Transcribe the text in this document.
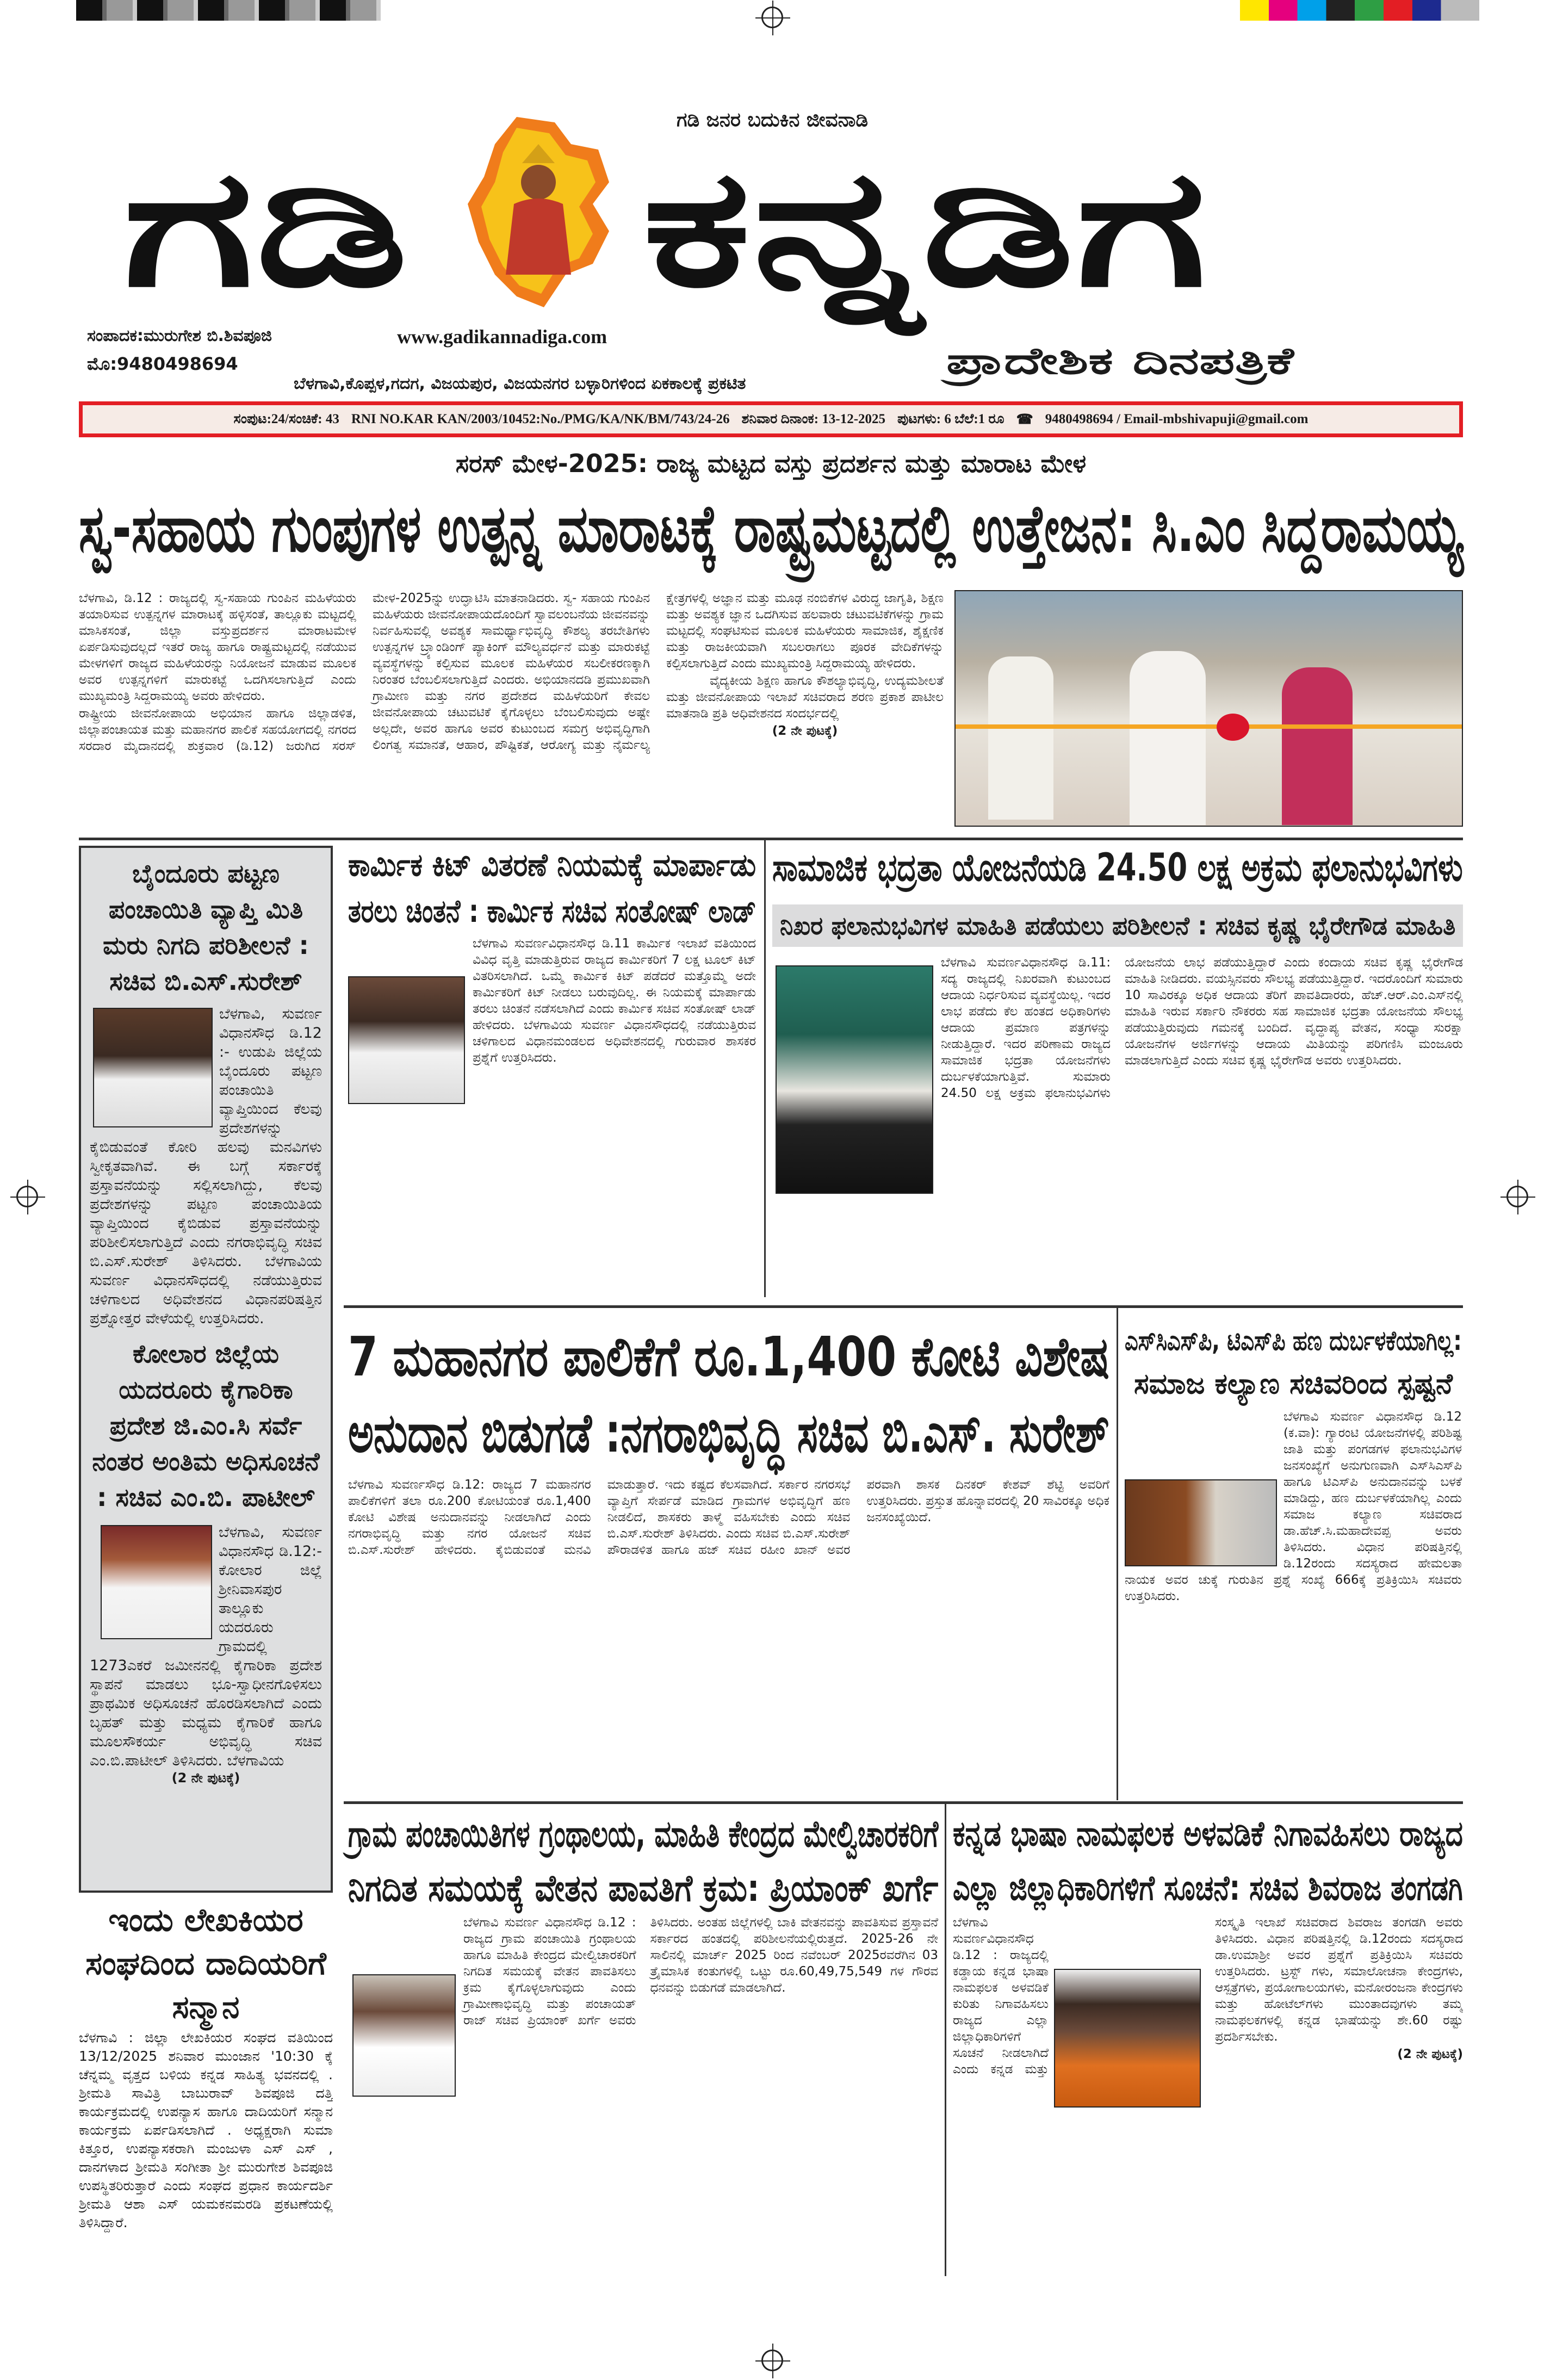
ಗಡಿ ಜನರ ಬದುಕಿನ ಜೀವನಾಡಿ
ಗಡಿ ಕನ್ನಡಿಗ
ಸಂಪಾದಕ:ಮುರುಗೇಶ ಬಿ.ಶಿವಪೂಜಿ
ಮೊ:9480498694
www.gadikannadiga.com
ಬೆಳಗಾವಿ,ಕೊಪ್ಪಳ,ಗದಗ, ವಿಜಯಪುರ, ವಿಜಯನಗರ ಬಳ್ಳಾರಿಗಳಿಂದ ಏಕಕಾಲಕ್ಕೆ ಪ್ರಕಟಿತ
ಪ್ರಾದೇಶಿಕ ದಿನಪತ್ರಿಕೆ
ಸಂಪುಟ:24/ಸಂಚಿಕೆ: 43 RNI NO.KAR KAN/2003/10452:No./PMG/KA/NK/BM/743/24-26 ಶನಿವಾರ ದಿನಾಂಕ: 13-12-2025 ಪುಟಗಳು: 6 ಬೆಲೆ:1 ರೂ ☎ 9480498694 / Email-mbshivapuji@gmail.com
ಸರಸ್ ಮೇಳ-2025: ರಾಜ್ಯ ಮಟ್ಟದ ವಸ್ತು ಪ್ರದರ್ಶನ ಮತ್ತು ಮಾರಾಟ ಮೇಳ
ಸ್ವ-ಸಹಾಯ ಗುಂಪುಗಳ ಉತ್ಪನ್ನ ಮಾರಾಟಕ್ಕೆ ರಾಷ್ಟ್ರಮಟ್ಟದಲ್ಲಿ ಉತ್ತೇಜನ: ಸಿ.ಎಂ ಸಿದ್ದರಾಮಯ್ಯ

ಬೆಳಗಾವಿ, ಡಿ.12 : ರಾಜ್ಯದಲ್ಲಿ ಸ್ವ-ಸಹಾಯ ಗುಂಪಿನ ಮಹಿಳೆಯರು ತಯಾರಿಸುವ ಉತ್ಪನ್ನಗಳ ಮಾರಾಟಕ್ಕೆ ಹಳ್ಳಿಸಂತೆ, ತಾಲ್ಲೂಕು ಮಟ್ಟದಲ್ಲಿ ಮಾಸಿಕಸಂತೆ, ಜಿಲ್ಲಾ ವಸ್ತುಪ್ರದರ್ಶನ ಮಾರಾಟಮೇಳ ಏರ್ಪಡಿಸುವುದಲ್ಲದೆ ಇತರೆ ರಾಜ್ಯ ಹಾಗೂ ರಾಷ್ಟ್ರಮಟ್ಟದಲ್ಲಿ ನಡೆಯುವ ಮೇಳಗಳಿಗೆ ರಾಜ್ಯದ ಮಹಿಳೆಯರನ್ನು ನಿಯೋಜನೆ ಮಾಡುವ ಮೂಲಕ ಅವರ ಉತ್ಪನ್ನಗಳಿಗೆ ಮಾರುಕಟ್ಟೆ ಒದಗಿಸಲಾಗುತ್ತಿದೆ ಎಂದು ಮುಖ್ಯಮಂತ್ರಿ ಸಿದ್ದರಾಮಯ್ಯ ಅವರು ಹೇಳಿದರು.

ರಾಷ್ಟ್ರೀಯ ಜೀವನೋಪಾಯ ಅಭಿಯಾನ ಹಾಗೂ ಜಿಲ್ಲಾಡಳಿತ, ಜಿಲ್ಲಾಪಂಚಾಯತ ಮತ್ತು ಮಹಾನಗರ ಪಾಲಿಕೆ ಸಹಯೋಗದಲ್ಲಿ ನಗರದ ಸರದಾರ ಮೈದಾನದಲ್ಲಿ ಶುಕ್ರವಾರ (ಡಿ.12) ಜರುಗಿದ ಸರಸ್ ಮೇಳ-2025ನ್ನು ಉದ್ಘಾಟಿಸಿ ಮಾತನಾಡಿದರು. ಸ್ವ- ಸಹಾಯ ಗುಂಪಿನ ಮಹಿಳೆಯರು ಜೀವನೋಪಾಯದೊಂದಿಗೆ ಸ್ವಾವಲಂಬನೆಯ ಜೀವನವನ್ನು ನಿರ್ವಹಿಸುವಲ್ಲಿ ಅವಶ್ಯಕ ಸಾಮರ್ಥ್ಯಾಭಿವೃದ್ಧಿ ಕೌಶಲ್ಯ ತರಬೇತಿಗಳು ಉತ್ಪನ್ನಗಳ ಬ್ರ್ಯಾಂಡಿಂಗ್ ಪ್ಯಾಕಿಂಗ್ ಮೌಲ್ಯವರ್ಧನೆ ಮತ್ತು ಮಾರುಕಟ್ಟೆ ವ್ಯವಸ್ಥೆಗಳನ್ನು ಕಲ್ಪಿಸುವ ಮೂಲಕ ಮಹಿಳೆಯರ ಸಬಲೀಕರಣಕ್ಕಾಗಿ ನಿರಂತರ ಬೆಂಬಲಿಸಲಾಗುತ್ತಿದೆ ಎಂದರು. ಅಭಿಯಾನದಡಿ ಪ್ರಮುಖವಾಗಿ ಗ್ರಾಮೀಣ ಮತ್ತು ನಗರ ಪ್ರದೇಶದ ಮಹಿಳೆಯರಿಗೆ ಕೇವಲ ಜೀವನೋಪಾಯ ಚಟುವಟಿಕೆ ಕೈಗೊಳ್ಳಲು ಬೆಂಬಲಿಸುವುದು ಅಷ್ಟೇ ಅಲ್ಲದೇ, ಅವರ ಹಾಗೂ ಅವರ ಕುಟುಂಬದ ಸಮಗ್ರ ಅಭಿವೃದ್ಧಿಗಾಗಿ ಲಿಂಗತ್ವ ಸಮಾನತೆ, ಆಹಾರ, ಪೌಷ್ಟಿಕತೆ, ಆರೋಗ್ಯ ಮತ್ತು ನೈರ್ಮಲ್ಯ ಕ್ಷೇತ್ರಗಳಲ್ಲಿ ಅಜ್ಞಾನ ಮತ್ತು ಮೂಢ ನಂಬಿಕೆಗಳ ವಿರುದ್ಧ ಜಾಗೃತಿ, ಶಿಕ್ಷಣ ಮತ್ತು ಅವಶ್ಯಕ ಜ್ಞಾನ ಒದಗಿಸುವ ಹಲವಾರು ಚಟುವಟಿಕೆಗಳನ್ನು ಗ್ರಾಮ ಮಟ್ಟದಲ್ಲಿ ಸಂಘಟಿಸುವ ಮೂಲಕ ಮಹಿಳೆಯರು ಸಾಮಾಜಿಕ, ಶೈಕ್ಷಣಿಕ ಮತ್ತು ರಾಜಕೀಯವಾಗಿ ಸಬಲರಾಗಲು ಪೂರಕ ವೇದಿಕೆಗಳನ್ನು ಕಲ್ಪಿಸಲಾಗುತ್ತಿದೆ ಎಂದು ಮುಖ್ಯಮಂತ್ರಿ ಸಿದ್ದರಾಮಯ್ಯ ಹೇಳಿದರು.

ವೈದ್ಯಕೀಯ ಶಿಕ್ಷಣ ಹಾಗೂ ಕೌಶಲ್ಯಾಭಿವೃದ್ಧಿ, ಉದ್ಯಮಶೀಲತೆ ಮತ್ತು ಜೀವನೋಪಾಯ ಇಲಾಖೆ ಸಚಿವರಾದ ಶರಣ ಪ್ರಕಾಶ ಪಾಟೀಲ ಮಾತನಾಡಿ ಪ್ರತಿ ಅಧಿವೇಶನದ ಸಂದರ್ಭದಲ್ಲಿ

(2 ನೇ ಪುಟಕ್ಕೆ)

ಬೈಂದೂರು ಪಟ್ಟಣ ಪಂಚಾಯಿತಿ ವ್ಯಾಪ್ತಿ ಮಿತಿ ಮರು ನಿಗದಿ ಪರಿಶೀಲನೆ : ಸಚಿವ ಬಿ.ಎಸ್.ಸುರೇಶ್

ಬೆಳಗಾವಿ, ಸುವರ್ಣ ವಿಧಾನಸೌಧ ಡಿ.12 :- ಉಡುಪಿ ಜಿಲ್ಲೆಯ ಬೈಂದೂರು ಪಟ್ಟಣ ಪಂಚಾಯಿತಿ ವ್ಯಾಪ್ತಿಯಿಂದ ಕೆಲವು ಪ್ರದೇಶಗಳನ್ನು ಕೈಬಿಡುವಂತೆ ಕೋರಿ ಹಲವು ಮನವಿಗಳು ಸ್ವೀಕೃತವಾಗಿವೆ. ಈ ಬಗ್ಗೆ ಸರ್ಕಾರಕ್ಕೆ ಪ್ರಸ್ತಾವನೆಯನ್ನು ಸಲ್ಲಿಸಲಾಗಿದ್ದು, ಕೆಲವು ಪ್ರದೇಶಗಳನ್ನು ಪಟ್ಟಣ ಪಂಚಾಯಿತಿಯ ವ್ಯಾಪ್ತಿಯಿಂದ ಕೈಬಿಡುವ ಪ್ರಸ್ತಾವನೆಯನ್ನು ಪರಿಶೀಲಿಸಲಾಗುತ್ತಿದೆ ಎಂದು ನಗರಾಭಿವೃದ್ಧಿ ಸಚಿವ ಬಿ.ಎಸ್.ಸುರೇಶ್ ತಿಳಿಸಿದರು. ಬೆಳಗಾವಿಯ ಸುವರ್ಣ ವಿಧಾನಸೌಧದಲ್ಲಿ ನಡೆಯುತ್ತಿರುವ ಚಳಿಗಾಲದ ಅಧಿವೇಶನದ ವಿಧಾನಪರಿಷತ್ತಿನ ಪ್ರಶ್ನೋತ್ತರ ವೇಳೆಯಲ್ಲಿ ಉತ್ತರಿಸಿದರು.

ಕೋಲಾರ ಜಿಲ್ಲೆಯ ಯದರೂರು ಕೈಗಾರಿಕಾ ಪ್ರದೇಶ ಜಿ.ಎಂ.ಸಿ ಸರ್ವೆ ನಂತರ ಅಂತಿಮ ಅಧಿಸೂಚನೆ : ಸಚಿವ ಎಂ.ಬಿ. ಪಾಟೀಲ್

ಬೆಳಗಾವಿ, ಸುವರ್ಣ ವಿಧಾನಸೌಧ ಡಿ.12:- ಕೋಲಾರ ಜಿಲ್ಲೆ ಶ್ರೀನಿವಾಸಪುರ ತಾಲ್ಲೂಕು ಯದರೂರು ಗ್ರಾಮದಲ್ಲಿ 1273ಎಕರೆ ಜಮೀನನಲ್ಲಿ ಕೈಗಾರಿಕಾ ಪ್ರದೇಶ ಸ್ಥಾಪನೆ ಮಾಡಲು ಭೂ-ಸ್ವಾಧೀನಗೊಳಿಸಲು ಪ್ರಾಥಮಿಕ ಅಧಿಸೂಚನೆ ಹೊರಡಿಸಲಾಗಿದೆ ಎಂದು ಬೃಹತ್ ಮತ್ತು ಮಧ್ಯಮ ಕೈಗಾರಿಕೆ ಹಾಗೂ ಮೂಲಸೌಕರ್ಯ ಅಭಿವೃದ್ಧಿ ಸಚಿವ ಎಂ.ಬಿ.ಪಾಟೀಲ್ ತಿಳಿಸಿದರು. ಬೆಳಗಾವಿಯ

(2 ನೇ ಪುಟಕ್ಕೆ)

ಕಾರ್ಮಿಕ ಕಿಟ್ ವಿತರಣೆ ನಿಯಮಕ್ಕೆ ಮಾರ್ಪಾಡು
ತರಲು ಚಿಂತನೆ : ಕಾರ್ಮಿಕ ಸಚಿವ ಸಂತೋಷ್ ಲಾಡ್

ಬೆಳಗಾವಿ ಸುವರ್ಣವಿಧಾನಸೌಧ ಡಿ.11 ಕಾರ್ಮಿಕ ಇಲಾಖೆ ವತಿಯಿಂದ ವಿವಿಧ ವೃತ್ತಿ ಮಾಡುತ್ತಿರುವ ರಾಜ್ಯದ ಕಾರ್ಮಿಕರಿಗೆ 7 ಲಕ್ಷ ಟೂಲ್ ಕಿಟ್ ವಿತರಿಸಲಾಗಿದೆ. ಒಮ್ಮೆ ಕಾರ್ಮಿಕ ಕಿಟ್ ಪಡೆದರೆ ಮತ್ತೊಮ್ಮೆ ಅದೇ ಕಾರ್ಮಿಕರಿಗೆ ಕಿಟ್ ನೀಡಲು ಬರುವುದಿಲ್ಲ. ಈ ನಿಯಮಕ್ಕೆ ಮಾರ್ಪಾಡು ತರಲು ಚಿಂತನೆ ನಡೆಸಲಾಗಿದೆ ಎಂದು ಕಾರ್ಮಿಕ ಸಚಿವ ಸಂತೋಷ್ ಲಾಡ್ ಹೇಳಿದರು. ಬೆಳಗಾವಿಯ ಸುವರ್ಣ ವಿಧಾನಸೌಧದಲ್ಲಿ ನಡೆಯುತ್ತಿರುವ ಚಳಿಗಾಲದ ವಿಧಾನಮಂಡಲದ ಅಧಿವೇಶನದಲ್ಲಿ ಗುರುವಾರ ಶಾಸಕರ ಪ್ರಶ್ನೆಗೆ ಉತ್ತರಿಸಿದರು.

ಸಾಮಾಜಿಕ ಭದ್ರತಾ ಯೋಜನೆಯಡಿ 24.50 ಲಕ್ಷ ಅಕ್ರಮ ಫಲಾನುಭವಿಗಳು
ನಿಖರ ಫಲಾನುಭವಿಗಳ ಮಾಹಿತಿ ಪಡೆಯಲು ಪರಿಶೀಲನೆ : ಸಚಿವ ಕೃಷ್ಣ ಭೈರೇಗೌಡ ಮಾಹಿತಿ

ಬೆಳಗಾವಿ ಸುವರ್ಣವಿಧಾನಸೌಧ ಡಿ.11: ಸದ್ಯ ರಾಜ್ಯದಲ್ಲಿ ನಿಖರವಾಗಿ ಕುಟುಂಬದ ಆದಾಯ ನಿರ್ಧರಿಸುವ ವ್ಯವಸ್ಥೆಯಿಲ್ಲ. ಇದರ ಲಾಭ ಪಡೆದು ಕೆಲ ಹಂತದ ಅಧಿಕಾರಿಗಳು ಆದಾಯ ಪ್ರಮಾಣ ಪತ್ರಗಳನ್ನು ನೀಡುತ್ತಿದ್ದಾರೆ. ಇದರ ಪರಿಣಾಮ ರಾಜ್ಯದ ಸಾಮಾಜಿಕ ಭದ್ರತಾ ಯೋಜನೆಗಳು ದುರ್ಬಳಕೆಯಾಗುತ್ತಿವೆ. ಸುಮಾರು 24.50 ಲಕ್ಷ ಅಕ್ರಮ ಫಲಾನುಭವಿಗಳು ಯೋಜನೆಯ ಲಾಭ ಪಡೆಯುತ್ತಿದ್ದಾರೆ ಎಂದು ಕಂದಾಯ ಸಚಿವ ಕೃಷ್ಣ ಭೈರೇಗೌಡ ಮಾಹಿತಿ ನೀಡಿದರು. ವಯಸ್ಸಿನವರು ಸೌಲಭ್ಯ ಪಡೆಯುತ್ತಿದ್ದಾರೆ. ಇದರೊಂದಿಗೆ ಸುಮಾರು 10 ಸಾವಿರಕ್ಕೂ ಅಧಿಕ ಆದಾಯ ತೆರಿಗೆ ಪಾವತಿದಾರರು, ಹೆಚ್.ಆರ್.ಎಂ.ಎಸ್‌ನಲ್ಲಿ ಮಾಹಿತಿ ಇರುವ ಸರ್ಕಾರಿ ನೌಕರರು ಸಹ ಸಾಮಾಜಿಕ ಭದ್ರತಾ ಯೋಜನೆಯ ಸೌಲಭ್ಯ ಪಡೆಯುತ್ತಿರುವುದು ಗಮನಕ್ಕೆ ಬಂದಿದೆ. ವೃದ್ಧಾಪ್ಯ ವೇತನ, ಸಂಧ್ಯಾ ಸುರಕ್ಷಾ ಯೋಜನೆಗಳ ಅರ್ಜಿಗಳನ್ನು ಆದಾಯ ಮಿತಿಯನ್ನು ಪರಿಗಣಿಸಿ ಮಂಜೂರು ಮಾಡಲಾಗುತ್ತಿದೆ ಎಂದು ಸಚಿವ ಕೃಷ್ಣ ಭೈರೇಗೌಡ ಅವರು ಉತ್ತರಿಸಿದರು.

7 ಮಹಾನಗರ ಪಾಲಿಕೆಗೆ ರೂ.1,400 ಕೋಟಿ ವಿಶೇಷ
ಅನುದಾನ ಬಿಡುಗಡೆ :ನಗರಾಭಿವೃದ್ಧಿ ಸಚಿವ ಬಿ.ಎಸ್. ಸುರೇಶ್

ಬೆಳಗಾವಿ ಸುವರ್ಣಸೌಧ ಡಿ.12: ರಾಜ್ಯದ 7 ಮಹಾನಗರ ಪಾಲಿಕೆಗಳಿಗೆ ತಲಾ ರೂ.200 ಕೋಟಿಯಂತೆ ರೂ.1,400 ಕೋಟಿ ವಿಶೇಷ ಅನುದಾನವನ್ನು ನೀಡಲಾಗಿದೆ ಎಂದು ನಗರಾಭಿವೃದ್ಧಿ ಮತ್ತು ನಗರ ಯೋಜನೆ ಸಚಿವ ಬಿ.ಎಸ್.ಸುರೇಶ್ ಹೇಳಿದರು. ಕೈಬಿಡುವಂತೆ ಮನವಿ ಮಾಡುತ್ತಾರೆ. ಇದು ಕಷ್ಟದ ಕೆಲಸವಾಗಿದೆ. ಸರ್ಕಾರ ನಗರಸಭೆ ವ್ಯಾಪ್ತಿಗೆ ಸೇರ್ಪಡೆ ಮಾಡಿದ ಗ್ರಾಮಗಳ ಅಭಿವೃದ್ಧಿಗೆ ಹಣ ನೀಡಲಿದೆ, ಶಾಸಕರು ತಾಳ್ಮೆ ವಹಿಸಬೇಕು ಎಂದು ಸಚಿವ ಬಿ.ಎಸ್.ಸುರೇಶ್ ತಿಳಿಸಿದರು. ಎಂದು ಸಚಿವ ಬಿ.ಎಸ್.ಸುರೇಶ್ ಪೌರಾಡಳಿತ ಹಾಗೂ ಹಜ್ ಸಚಿವ ರಹೀಂ ಖಾನ್ ಅವರ ಪರವಾಗಿ ಶಾಸಕ ದಿನಕರ್ ಕೇಶವ್ ಶೆಟ್ಟಿ ಅವರಿಗೆ ಉತ್ತರಿಸಿದರು. ಪ್ರಸ್ತುತ ಹೊನ್ನಾವರದಲ್ಲಿ 20 ಸಾವಿರಕ್ಕೂ ಅಧಿಕ ಜನಸಂಖ್ಯೆಯಿದೆ.

ಎಸ್‌ಸಿಎಸ್‌ಪಿ, ಟಿಎಸ್‌ಪಿ ಹಣ ದುರ್ಬಳಕೆಯಾಗಿಲ್ಲ:
ಸಮಾಜ ಕಲ್ಯಾಣ ಸಚಿವರಿಂದ ಸ್ಪಷ್ಟನೆ

ಬೆಳಗಾವಿ ಸುವರ್ಣ ವಿಧಾನಸೌಧ ಡಿ.12 (ಕ.ವಾ): ಗ್ಯಾರಂಟಿ ಯೋಜನೆಗಳಲ್ಲಿ ಪರಿಶಿಷ್ಟ ಜಾತಿ ಮತ್ತು ಪಂಗಡಗಳ ಫಲಾನುಭವಿಗಳ ಜನಸಂಖ್ಯೆಗೆ ಅನುಗುಣವಾಗಿ ಎಸ್‌ಸಿಎಸ್‌ಪಿ ಹಾಗೂ ಟಿಎಸ್‌ಪಿ ಅನುದಾನವನ್ನು ಬಳಕೆ ಮಾಡಿದ್ದು, ಹಣ ದುರ್ಬಳಕೆಯಾಗಿಲ್ಲ ಎಂದು ಸಮಾಜ ಕಲ್ಯಾಣ ಸಚಿವರಾದ ಡಾ.ಹೆಚ್.ಸಿ.ಮಹಾದೇವಪ್ಪ ಅವರು ತಿಳಿಸಿದರು. ವಿಧಾನ ಪರಿಷತ್ತಿನಲ್ಲಿ ಡಿ.12ರಂದು ಸದಸ್ಯರಾದ ಹೇಮಲತಾ ನಾಯಕ ಅವರ ಚುಕ್ಕೆ ಗುರುತಿನ ಪ್ರಶ್ನೆ ಸಂಖ್ಯೆ 666ಕ್ಕೆ ಪ್ರತಿಕ್ರಿಯಿಸಿ ಸಚಿವರು ಉತ್ತರಿಸಿದರು.

ಗ್ರಾಮ ಪಂಚಾಯಿತಿಗಳ ಗ್ರಂಥಾಲಯ, ಮಾಹಿತಿ ಕೇಂದ್ರದ ಮೇಲ್ವಿಚಾರಕರಿಗೆ
ನಿಗದಿತ ಸಮಯಕ್ಕೆ ವೇತನ ಪಾವತಿಗೆ ಕ್ರಮ: ಪ್ರಿಯಾಂಕ್ ಖರ್ಗೆ

ಬೆಳಗಾವಿ ಸುವರ್ಣ ವಿಧಾನಸೌಧ ಡಿ.12 : ರಾಜ್ಯದ ಗ್ರಾಮ ಪಂಚಾಯಿತಿ ಗ್ರಂಥಾಲಯ ಹಾಗೂ ಮಾಹಿತಿ ಕೇಂದ್ರದ ಮೇಲ್ವಿಚಾರಕರಿಗೆ ನಿಗದಿತ ಸಮಯಕ್ಕೆ ವೇತನ ಪಾವತಿಸಲು ಕ್ರಮ ಕೈಗೊಳ್ಳಲಾಗುವುದು ಎಂದು ಗ್ರಾಮೀಣಾಭಿವೃದ್ಧಿ ಮತ್ತು ಪಂಚಾಯತ್ ರಾಜ್ ಸಚಿವ ಪ್ರಿಯಾಂಕ್ ಖರ್ಗೆ ಅವರು ತಿಳಿಸಿದರು. ಅಂತಹ ಜಿಲ್ಲೆಗಳಲ್ಲಿ ಬಾಕಿ ವೇತನವನ್ನು ಪಾವತಿಸುವ ಪ್ರಸ್ತಾವನೆ ಸರ್ಕಾರದ ಹಂತದಲ್ಲಿ ಪರಿಶೀಲನೆಯಲ್ಲಿರುತ್ತದೆ. 2025-26 ನೇ ಸಾಲಿನಲ್ಲಿ ಮಾರ್ಚ್ 2025 ರಿಂದ ನವೆಂಬರ್ 2025ರವರೆಗಿನ 03 ತ್ರೈಮಾಸಿಕ ಕಂತುಗಳಲ್ಲಿ ಒಟ್ಟು ರೂ.60,49,75,549 ಗಳ ಗೌರವ ಧನವನ್ನು ಬಿಡುಗಡೆ ಮಾಡಲಾಗಿದೆ.

ಕನ್ನಡ ಭಾಷಾ ನಾಮಫಲಕ ಅಳವಡಿಕೆ ನಿಗಾವಹಿಸಲು ರಾಜ್ಯದ
ಎಲ್ಲಾ ಜಿಲ್ಲಾಧಿಕಾರಿಗಳಿಗೆ ಸೂಚನೆ: ಸಚಿವ ಶಿವರಾಜ ತಂಗಡಗಿ

ಬೆಳಗಾವಿ ಸುವರ್ಣವಿಧಾನಸೌಧ ಡಿ.12 : ರಾಜ್ಯದಲ್ಲಿ ಕಡ್ಡಾಯ ಕನ್ನಡ ಭಾಷಾ ನಾಮಫಲಕ ಅಳವಡಿಕೆ ಕುರಿತು ನಿಗಾವಹಿಸಲು ರಾಜ್ಯದ ಎಲ್ಲಾ ಜಿಲ್ಲಾಧಿಕಾರಿಗಳಿಗೆ ಸೂಚನೆ ನೀಡಲಾಗಿದೆ ಎಂದು ಕನ್ನಡ ಮತ್ತು ಸಂಸ್ಕೃತಿ ಇಲಾಖೆ ಸಚಿವರಾದ ಶಿವರಾಜ ತಂಗಡಗಿ ಅವರು ತಿಳಿಸಿದರು. ವಿಧಾನ ಪರಿಷತ್ತಿನಲ್ಲಿ ಡಿ.12ರಂದು ಸದಸ್ಯರಾದ ಡಾ.ಉಮಾಶ್ರೀ ಅವರ ಪ್ರಶ್ನೆಗೆ ಪ್ರತಿಕ್ರಿಯಿಸಿ ಸಚಿವರು ಉತ್ತರಿಸಿದರು. ಟ್ರಸ್ಟ್ ಗಳು, ಸಮಾಲೋಚನಾ ಕೇಂದ್ರಗಳು, ಆಸ್ಪತ್ರೆಗಳು, ಪ್ರಯೋಗಾಲಯಗಳು, ಮನೋರಂಜನಾ ಕೇಂದ್ರಗಳು ಮತ್ತು ಹೋಟೆಲ್‌ಗಳು ಮುಂತಾದವುಗಳು ತಮ್ಮ ನಾಮಫಲಕಗಳಲ್ಲಿ ಕನ್ನಡ ಭಾಷೆಯನ್ನು ಶೇ.60 ರಷ್ಟು ಪ್ರದರ್ಶಿಸಬೇಕು.

(2 ನೇ ಪುಟಕ್ಕೆ)

ಇಂದು ಲೇಖಕಿಯರ ಸಂಘದಿಂದ ದಾದಿಯರಿಗೆ ಸನ್ಮಾನ

ಬೆಳಗಾವಿ : ಜಿಲ್ಲಾ ಲೇಖಕಿಯರ ಸಂಘದ ವತಿಯಿಂದ 13/12/2025 ಶನಿವಾರ ಮುಂಜಾನ '10:30 ಕ್ಕೆ ಚೆನ್ನಮ್ಮ ವೃತ್ತದ ಬಳಿಯ ಕನ್ನಡ ಸಾಹಿತ್ಯ ಭವನದಲ್ಲಿ . ಶ್ರೀಮತಿ ಸಾವಿತ್ರಿ ಬಾಬುರಾವ್ ಶಿವಪೂಜಿ ದತ್ತಿ ಕಾರ್ಯಕ್ರಮದಲ್ಲಿ ಉಪನ್ಯಾಸ ಹಾಗೂ ದಾದಿಯರಿಗೆ ಸನ್ಮಾನ ಕಾರ್ಯಕ್ರಮ ಏರ್ಪಡಿಸಲಾಗಿದೆ . ಅಧ್ಯಕ್ಷರಾಗಿ ಸುಮಾ ಕಿತ್ತೂರ, ಉಪನ್ಯಾಸಕರಾಗಿ ಮಂಜುಳಾ ಎಸ್ ಎಸ್ , ದಾನಗಳಾದ ಶ್ರೀಮತಿ ಸಂಗೀತಾ ಶ್ರೀ ಮುರುಗೇಶ ಶಿವಪೂಜಿ ಉಪಸ್ಥಿತರಿರುತ್ತಾರೆ ಎಂದು ಸಂಘದ ಪ್ರಧಾನ ಕಾರ್ಯದರ್ಶಿ ಶ್ರೀಮತಿ ಆಶಾ ಎಸ್ ಯಮಕನಮರಡಿ ಪ್ರಕಟಣೆಯಲ್ಲಿ ತಿಳಿಸಿದ್ದಾರೆ.
